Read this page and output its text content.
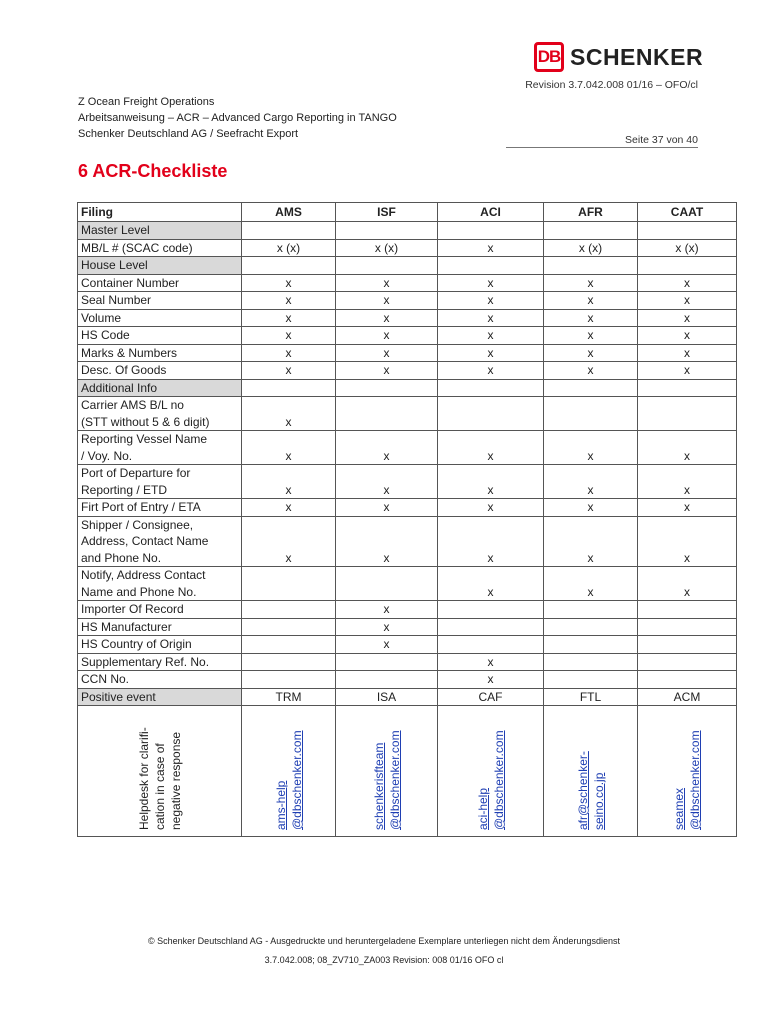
DB SCHENKER
Revision 3.7.042.008 01/16 – OFO/cl
Z Ocean Freight Operations
Arbeitsanweisung – ACR – Advanced Cargo Reporting in TANGO
Schenker Deutschland AG / Seefracht Export	Seite 37 von 40
6 ACR-Checkliste
Filing	AMS	ISF	ACI	AFR	CAAT

Master Level					

MB/L # (SCAC code)	x (x)	x (x)	x	x (x)	x (x)

House Level					

Container Number	x	x	x	x	x

Seal Number	x	x	x	x	x

Volume	x	x	x	x	x

HS Code	x	x	x	x	x

Marks & Numbers	x	x	x	x	x

Desc. Of Goods	x	x	x	x	x

Additional Info					

Carrier AMS B/L no
(STT without 5 & 6 digit)	x				

Reporting Vessel Name
/ Voy. No.	x	x	x	x	x

Port of Departure for
Reporting / ETD	x	x	x	x	x

Firt Port of Entry / ETA	x	x	x	x	x

Shipper / Consignee,
Address, Contact Name
and Phone No.	x	x	x	x	x

Notify, Address Contact
Name and Phone No.			x	x	x

Importer Of Record		x			

HS Manufacturer		x			

HS Country of Origin		x			

Supplementary Ref. No.			x		

CCN No.			x		

Positive event	TRM	ISA	CAF	FTL	ACM

Helpdesk for clarifi- cation in case of negative response	ams-help @dbschenker.com	schenkerisfteam @dbschenker.com	aci-help @dbschenker.com	afr@schenker- seino.co.jp	seamex @dbschenker.com
© Schenker Deutschland AG - Ausgedruckte und heruntergeladene Exemplare unterliegen nicht dem Änderungsdienst
3.7.042.008; 08_ZV710_ZA003 Revision: 008 01/16 OFO cl
